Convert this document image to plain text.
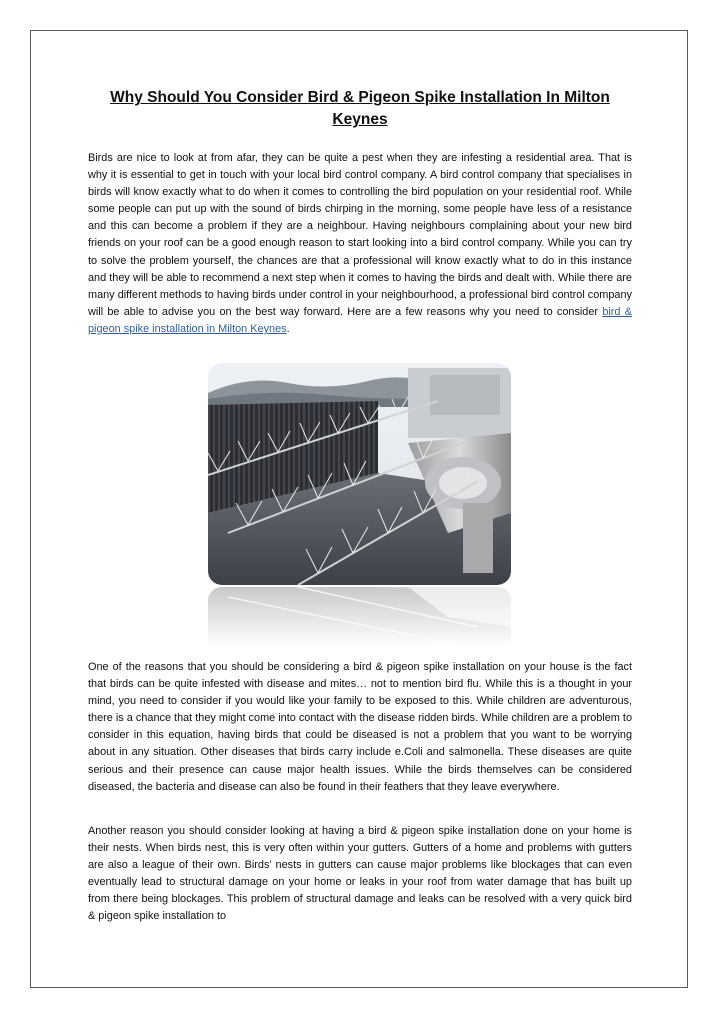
Why Should You Consider Bird & Pigeon Spike Installation In Milton Keynes

Birds are nice to look at from afar, they can be quite a pest when they are infesting a residential area. That is why it is essential to get in touch with your local bird control company. A bird control company that specialises in birds will know exactly what to do when it comes to controlling the bird population on your residential roof. While some people can put up with the sound of birds chirping in the morning, some people have less of a resistance and this can become a problem if they are a neighbour. Having neighbours complaining about your new bird friends on your roof can be a good enough reason to start looking into a bird control company. While you can try to solve the problem yourself, the chances are that a professional will know exactly what to do in this instance and they will be able to recommend a next step when it comes to having the birds and dealt with. While there are many different methods to having birds under control in your neighbourhood, a professional bird control company will be able to advise you on the best way forward. Here are a few reasons why you need to consider bird & pigeon spike installation in Milton Keynes.

One of the reasons that you should be considering a bird & pigeon spike installation on your house is the fact that birds can be quite infested with disease and mites… not to mention bird flu. While this is a thought in your mind, you need to consider if you would like your family to be exposed to this. While children are adventurous, there is a chance that they might come into contact with the disease ridden birds. While children are a problem to consider in this equation, having birds that could be diseased is not a problem that you want to be worrying about in any situation. Other diseases that birds carry include e.Coli and salmonella. These diseases are quite serious and their presence can cause major health issues. While the birds themselves can be considered diseased, the bacteria and disease can also be found in their feathers that they leave everywhere.

Another reason you should consider looking at having a bird & pigeon spike installation done on your home is their nests. When birds nest, this is very often within your gutters. Gutters of a home and problems with gutters are also a league of their own. Birds’ nests in gutters can cause major problems like blockages that can even eventually lead to structural damage on your home or leaks in your roof from water damage that has built up from there being blockages. This problem of structural damage and leaks can be resolved with a very quick bird & pigeon spike installation to
